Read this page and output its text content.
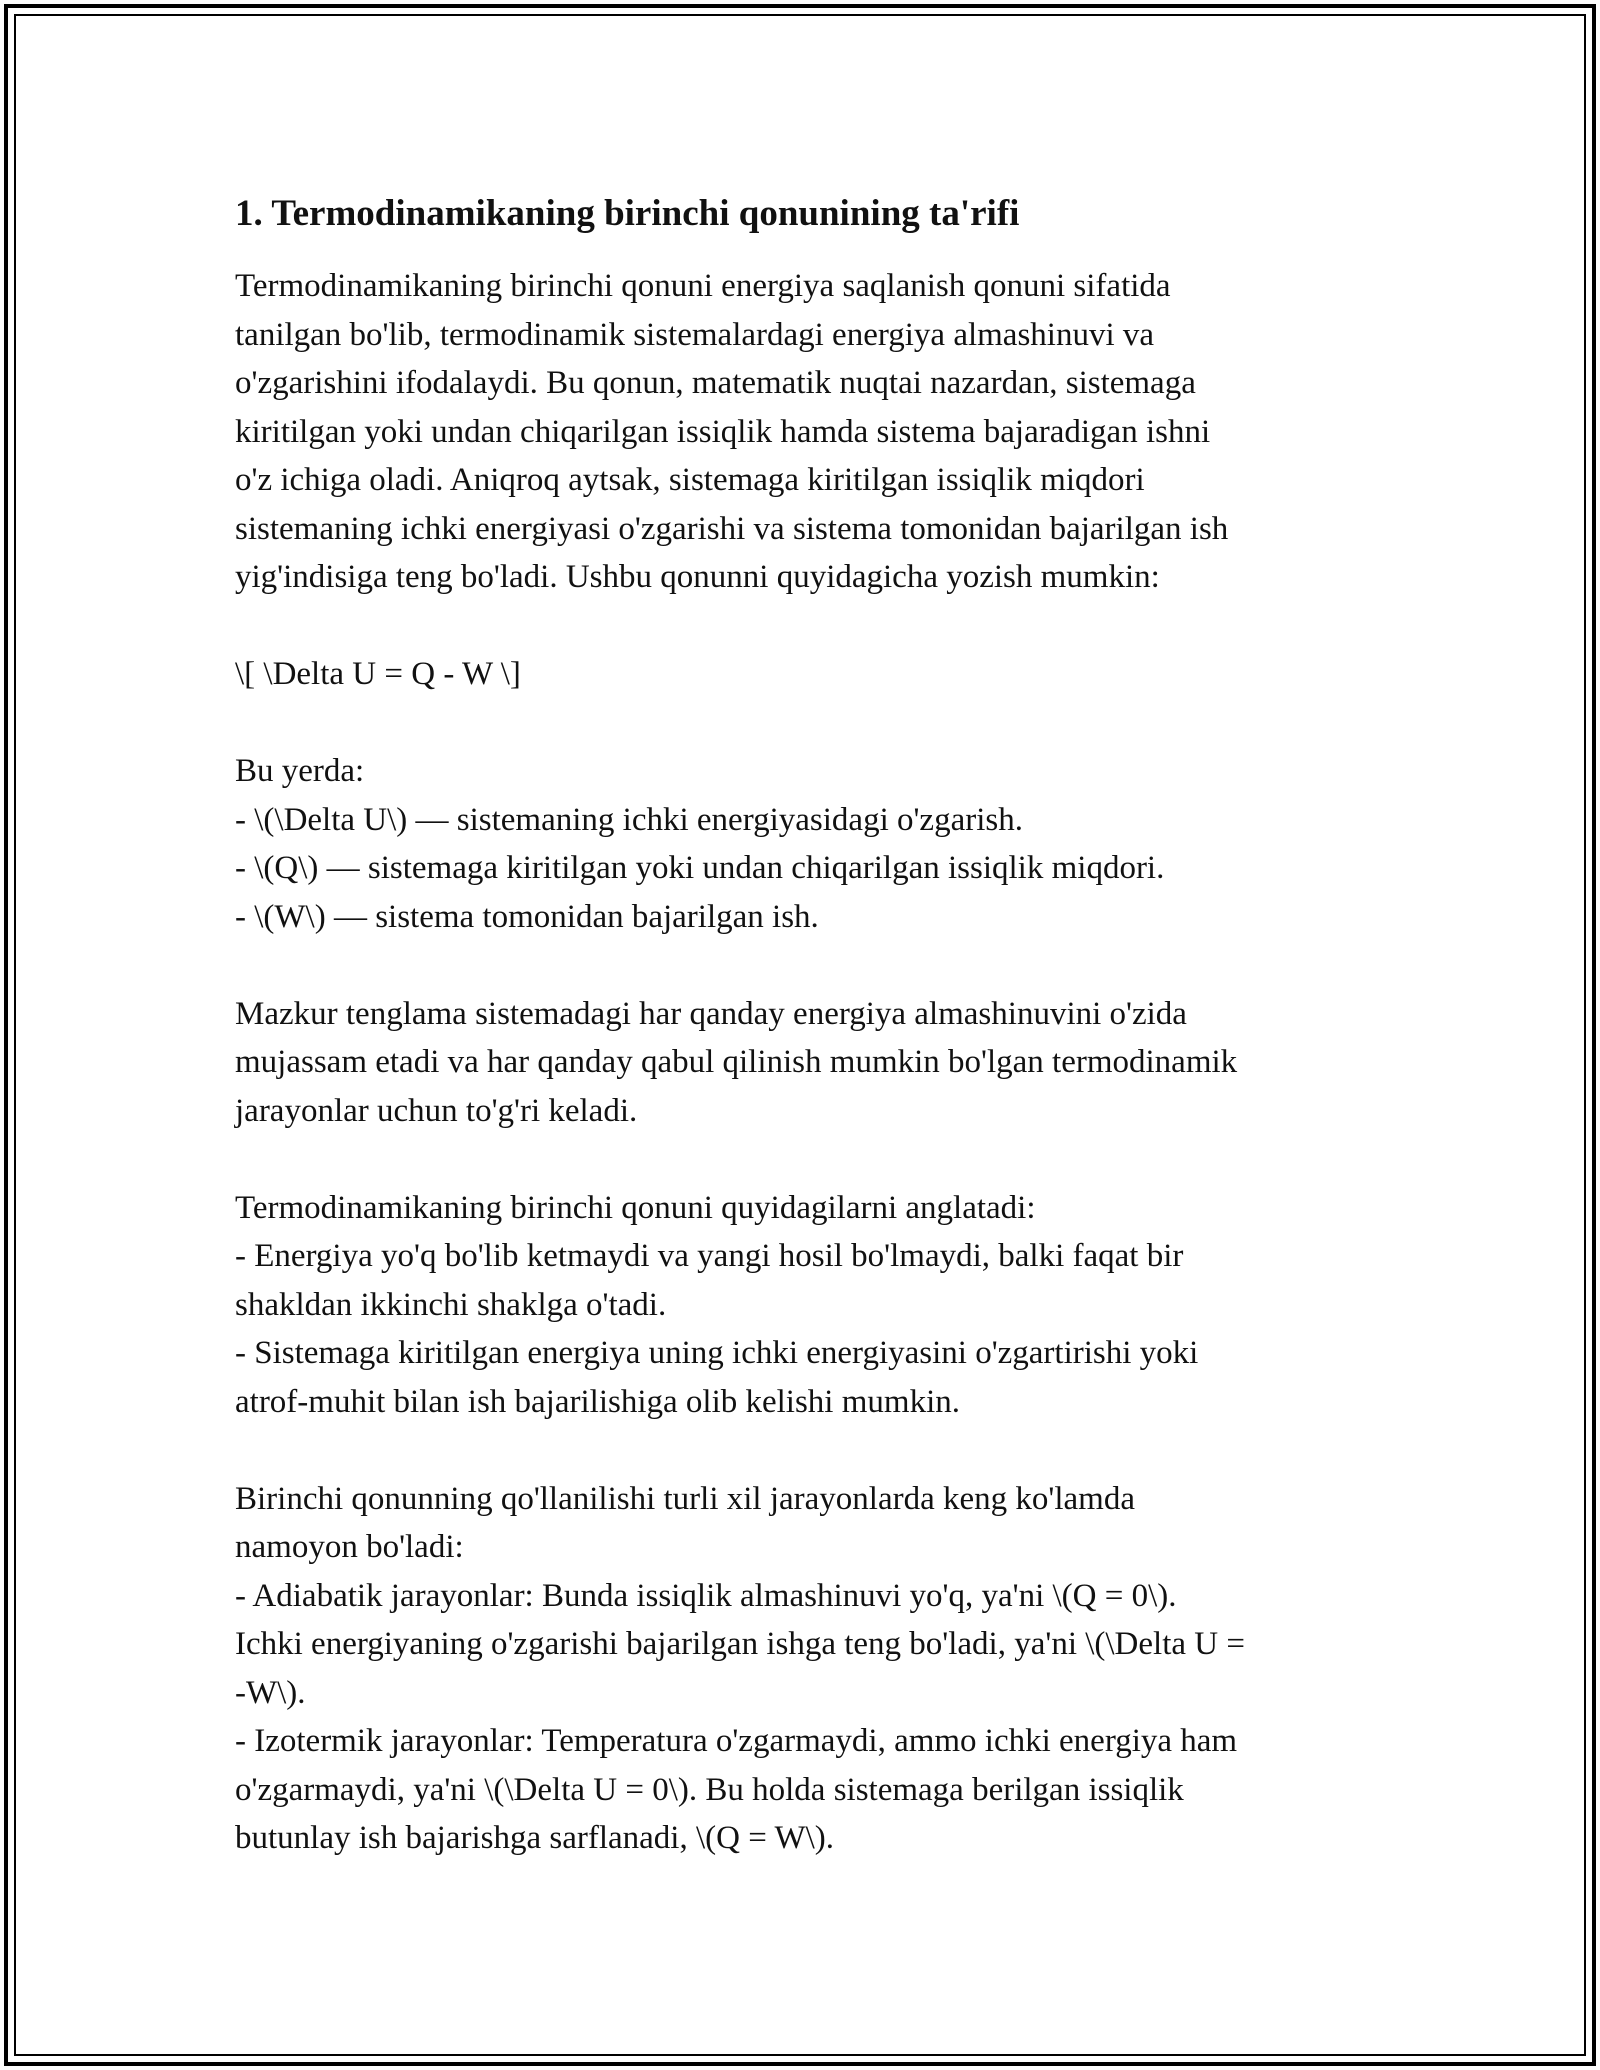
1. Termodinamikaning birinchi qonunining ta'rifi

Termodinamikaning birinchi qonuni energiya saqlanish qonuni sifatida

tanilgan bo'lib, termodinamik sistemalardagi energiya almashinuvi va

o'zgarishini ifodalaydi. Bu qonun, matematik nuqtai nazardan, sistemaga

kiritilgan yoki undan chiqarilgan issiqlik hamda sistema bajaradigan ishni

o'z ichiga oladi. Aniqroq aytsak, sistemaga kiritilgan issiqlik miqdori

sistemaning ichki energiyasi o'zgarishi va sistema tomonidan bajarilgan ish

yig'indisiga teng bo'ladi. Ushbu qonunni quyidagicha yozish mumkin:

\[ \Delta U = Q - W \]

Bu yerda:

- \(\Delta U\) — sistemaning ichki energiyasidagi o'zgarish.

- \(Q\) — sistemaga kiritilgan yoki undan chiqarilgan issiqlik miqdori.

- \(W\) — sistema tomonidan bajarilgan ish.

Mazkur tenglama sistemadagi har qanday energiya almashinuvini o'zida

mujassam etadi va har qanday qabul qilinish mumkin bo'lgan termodinamik

jarayonlar uchun to'g'ri keladi.

Termodinamikaning birinchi qonuni quyidagilarni anglatadi:

- Energiya yo'q bo'lib ketmaydi va yangi hosil bo'lmaydi, balki faqat bir

shakldan ikkinchi shaklga o'tadi.

- Sistemaga kiritilgan energiya uning ichki energiyasini o'zgartirishi yoki

atrof-muhit bilan ish bajarilishiga olib kelishi mumkin.

Birinchi qonunning qo'llanilishi turli xil jarayonlarda keng ko'lamda

namoyon bo'ladi:

- Adiabatik jarayonlar: Bunda issiqlik almashinuvi yo'q, ya'ni \(Q = 0\).

Ichki energiyaning o'zgarishi bajarilgan ishga teng bo'ladi, ya'ni \(\Delta U =

-W\).

- Izotermik jarayonlar: Temperatura o'zgarmaydi, ammo ichki energiya ham

o'zgarmaydi, ya'ni \(\Delta U = 0\). Bu holda sistemaga berilgan issiqlik

butunlay ish bajarishga sarflanadi, \(Q = W\).
